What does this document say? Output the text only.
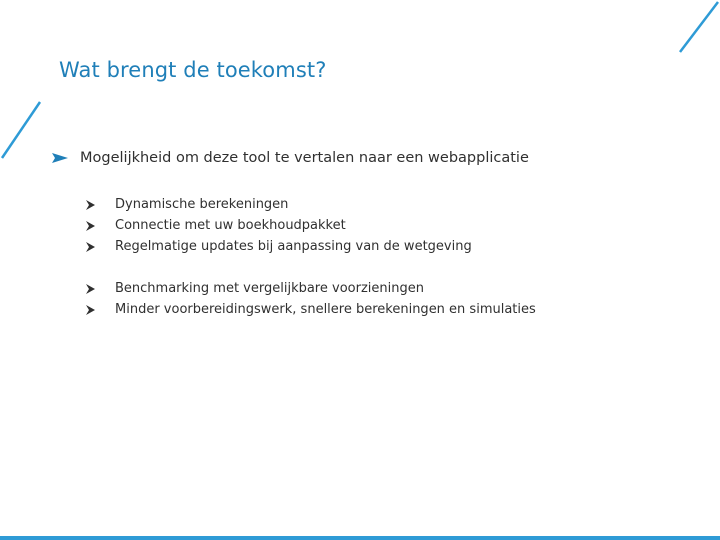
Wat brengt de toekomst?
Mogelijkheid om deze tool te vertalen naar een webapplicatie
Dynamische berekeningen
Connectie met uw boekhoudpakket
Regelmatige updates bij aanpassing van de wetgeving
Benchmarking met vergelijkbare voorzieningen
Minder voorbereidingswerk, snellere berekeningen en simulaties
